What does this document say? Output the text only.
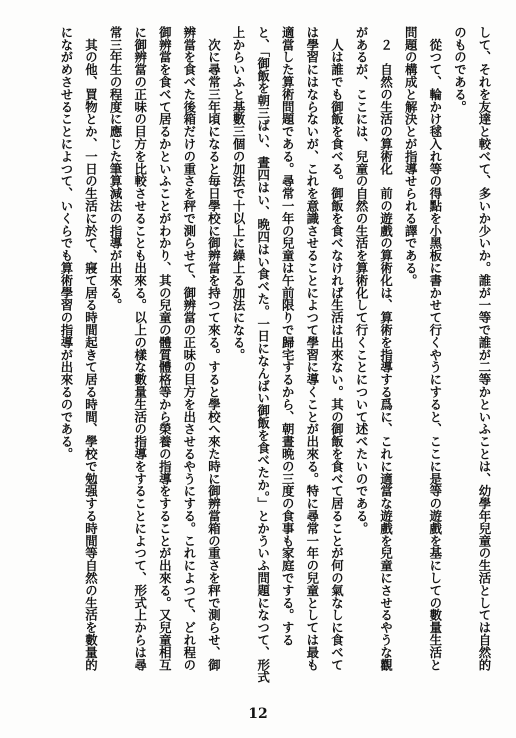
して、それを友達と較べて、多いか少いか。誰が一等で誰が二等かといふことは、幼學年兒童の生活としては自然的
のものである。
　從つて、輪かけ毬入れ等の得點を小黑板に書かせて行くやうにすると、ここに是等の遊戲を基にしての數量生活と
問題の構成と解決とが指導せられる譯である。
　２　自然の生活の算術化　前の遊戲の算術化は、算術を指導する爲に、これに適當な遊戲を兒童にさせるやうな觀
があるが、ここには、兒童の自然の生活を算術化して行くことについて述べたいのである。
　人は誰でも御飯を食べる。御飯を食べなければ生活は出來ない。其の御飯を食べて居ることが何の氣なしに食べて
は學習にはならないが、これを意識させることによつて學習に導くことが出來る。特に尋常一年の兒童としては最も
適當した算術問題である。尋常一年の兒童は午前限りで歸宅するから、朝晝晩の三度の食事も家庭でする。する
と、「御飯を朝三ばい、晝四はい、晩四はい食べた。一日になんばい御飯を食べたか。」とかういふ問題になつて、形式
上からいふと基數三個の加法で十以上に繰上る加法になる。
　次に尋常三年頃になると毎日學校に御辨當を持つて來る。すると學校へ來た時に御辨當箱の重さを秤で測らせ、御
辨當を食べた後箱だけの重さを秤で測らせて、御辨當の正味の目方を出させるやうにする。これによつて、どれ程の
御辨當を食べて居るかといふことがわかり、其の兒童の體質體格等から榮養の指導をすることが出來る。又兒童相互
に御辨當の正味の目方を比較させることも出來る。以上の樣な數量生活の指導をすることによつて、形式上からは尋
常三年生の程度に應じた筆算減法の指導が出來る。
　其の他、買物とか、一日の生活に於て、寢て居る時間起きて居る時間、學校で勉强する時間等自然の生活を數量的
にながめさせることによつて、いくらでも算術學習の指導が出來るのである。
12
